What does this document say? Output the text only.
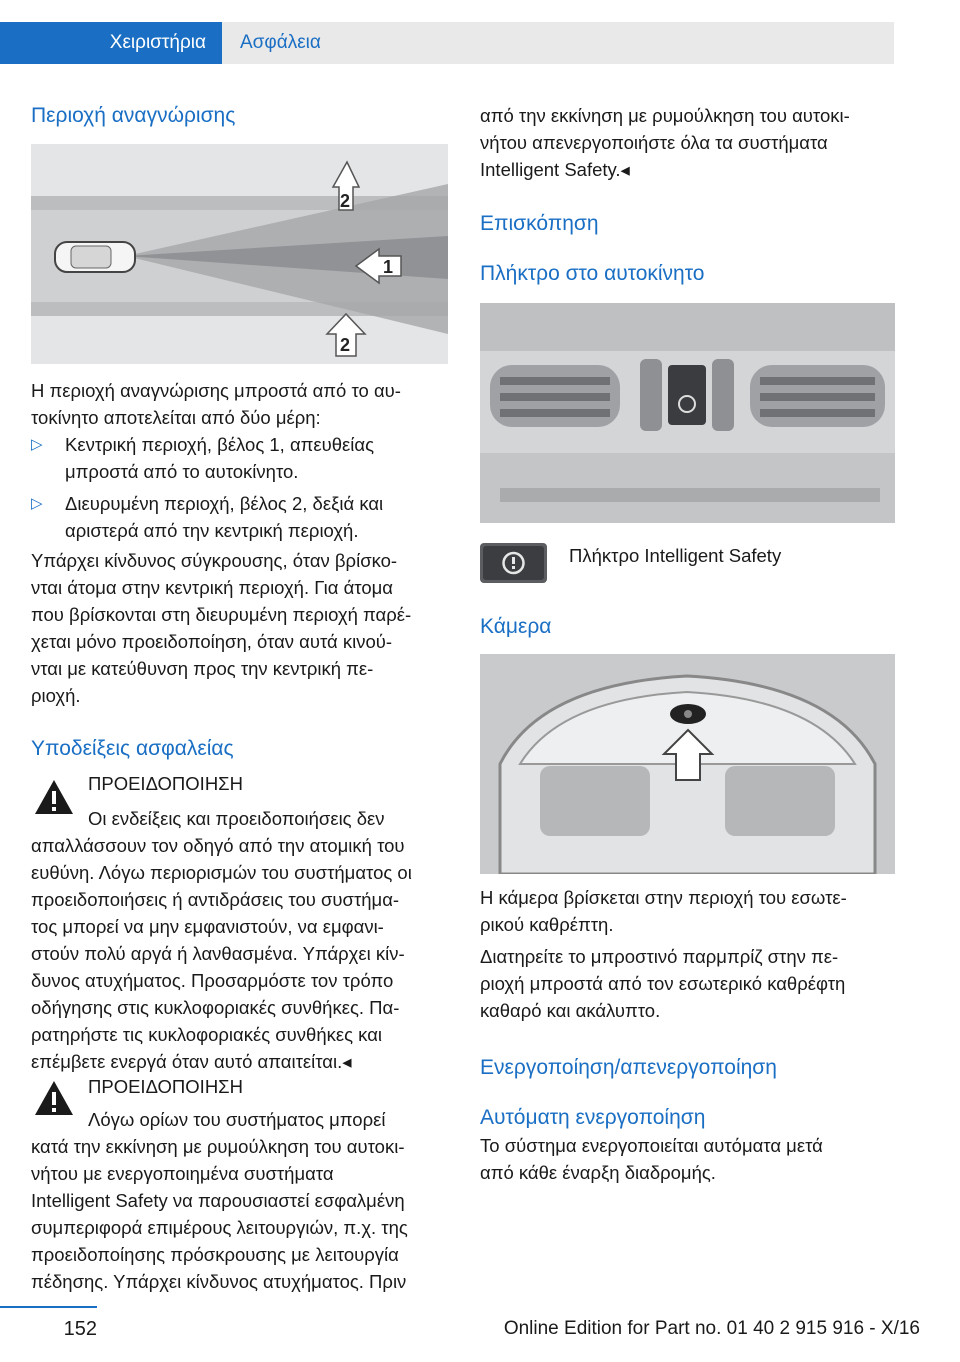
Χειριστήρια	Ασφάλεια
Περιοχή αναγνώρισης
2
1
2

Η περιοχή αναγνώρισης μπροστά από το αυ-

τοκίνητο αποτελείται από δύο μέρη:

▷ Κεντρική περιοχή, βέλος 1, απευθείας
μπροστά από το αυτοκίνητο.
▷ Διευρυμένη περιοχή, βέλος 2, δεξιά και
αριστερά από την κεντρική περιοχή.

Υπάρχει κίνδυνος σύγκρουσης, όταν βρίσκο-

νται άτομα στην κεντρική περιοχή. Για άτομα

που βρίσκονται στη διευρυμένη περιοχή παρέ-

χεται μόνο προειδοποίηση, όταν αυτά κινού-

νται με κατεύθυνση προς την κεντρική πε-

ριοχή.

Υποδείξεις ασφαλείας
ΠΡΟΕΙΔΟΠΟΙΗΣΗ

Οι ενδείξεις και προειδοποιήσεις δεν

απαλλάσσουν τον οδηγό από την ατομική του

ευθύνη. Λόγω περιορισμών του συστήματος οι

προειδοποιήσεις ή αντιδράσεις του συστήμα-

τος μπορεί να μην εμφανιστούν, να εμφανι-

στούν πολύ αργά ή λανθασμένα. Υπάρχει κίν-

δυνος ατυχήματος. Προσαρμόστε τον τρόπο

οδήγησης στις κυκλοφοριακές συνθήκες. Πα-

ρατηρήστε τις κυκλοφοριακές συνθήκες και

επέμβετε ενεργά όταν αυτό απαιτείται.◂

ΠΡΟΕΙΔΟΠΟΙΗΣΗ

Λόγω ορίων του συστήματος μπορεί

κατά την εκκίνηση με ρυμούλκηση του αυτοκι-

νήτου με ενεργοποιημένα συστήματα

Intelligent Safety να παρουσιαστεί εσφαλμένη

συμπεριφορά επιμέρους λειτουργιών, π.χ. της

προειδοποίησης πρόσκρουσης με λειτουργία

πέδησης. Υπάρχει κίνδυνος ατυχήματος. Πριν

από την εκκίνηση με ρυμούλκηση του αυτοκι-

νήτου απενεργοποιήστε όλα τα συστήματα

Intelligent Safety.◂

Επισκόπηση
Πλήκτρο στο αυτοκίνητο
Πλήκτρο Intelligent Safety
Κάμερα

Η κάμερα βρίσκεται στην περιοχή του εσωτε-

ρικού καθρέπτη.

Διατηρείτε το μπροστινό παρμπρίζ στην πε-

ριοχή μπροστά από τον εσωτερικό καθρέφτη

καθαρό και ακάλυπτο.

Ενεργοποίηση/απενεργοποίηση
Αυτόματη ενεργοποίηση

Το σύστημα ενεργοποιείται αυτόματα μετά

από κάθε έναρξη διαδρομής.

152	Online Edition for Part no. 01 40 2 915 916 - X/16
